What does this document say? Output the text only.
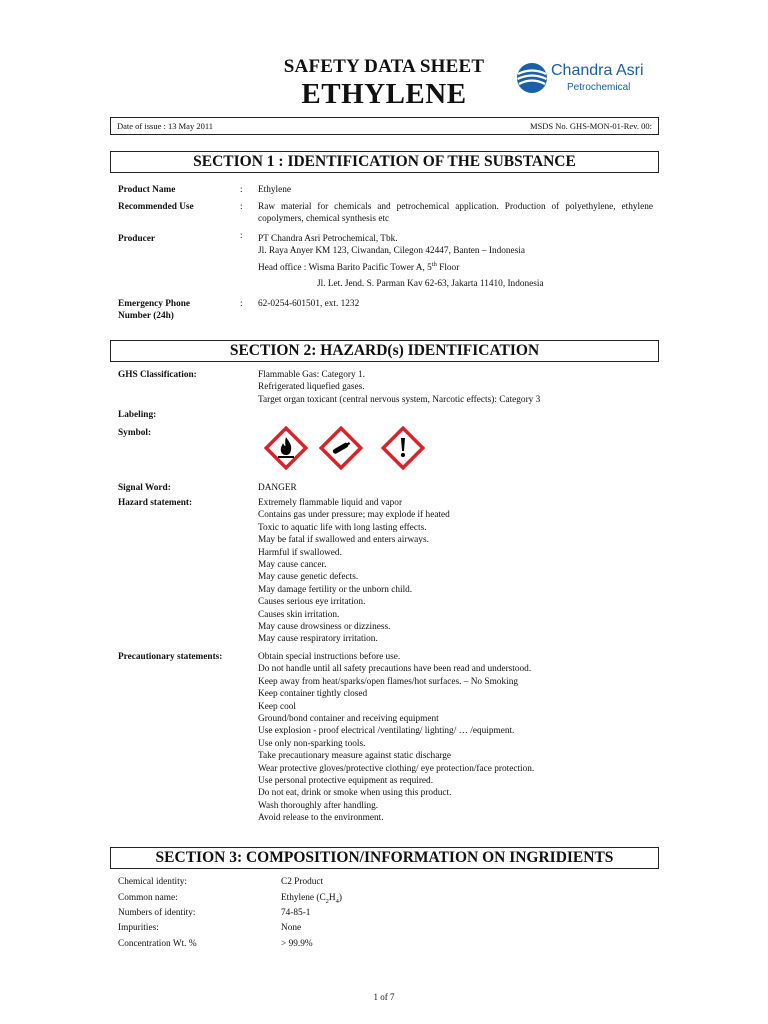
SAFETY DATA SHEET
ETHYLENE
Chandra Asri
Petrochemical
Date of issue : 13 May 2011	MSDS No. GHS-MON-01-Rev. 00:
SECTION 1 : IDENTIFICATION OF THE SUBSTANCE
Product Name	: Ethylene
Recommended Use	: Raw material for chemicals and petrochemical application. Production of polyethylene, ethylene copolymers, chemical synthesis etc
Producer	: PT Chandra Asri Petrochemical, Tbk.
Jl. Raya Anyer KM 123, Ciwandan, Cilegon 42447, Banten – Indonesia
Head office : Wisma Barito Pacific Tower A, 5th Floor
Jl. Let. Jend. S. Parman Kav 62-63, Jakarta 11410, Indonesia
Emergency Phone
Number (24h)
: 62-0254-601501, ext. 1232
SECTION 2: HAZARD(s) IDENTIFICATION
GHS Classification:	Flammable Gas: Category 1.
Refrigerated liquefied gases.
Target organ toxicant (central nervous system, Narcotic effects): Category 3
Labeling:
Symbol:
Signal Word:	DANGER
Hazard statement:	Extremely flammable liquid and vapor
Contains gas under pressure; may explode if heated
Toxic to aquatic life with long lasting effects.
May be fatal if swallowed and enters airways.
Harmful if swallowed.
May cause cancer.
May cause genetic defects.
May damage fertility or the unborn child.
Causes serious eye irritation.
Causes skin irritation.
May cause drowsiness or dizziness.
May cause respiratory irritation.
Precautionary statements:	Obtain special instructions before use.
Do not handle until all safety precautions have been read and understood.
Keep away from heat/sparks/open flames/hot surfaces. – No Smoking
Keep container tightly closed
Keep cool
Ground/bond container and receiving equipment
Use explosion - proof electrical /ventilating/ lighting/ … /equipment.
Use only non-sparking tools.
Take precautionary measure against static discharge
Wear protective gloves/protective clothing/ eye protection/face protection.
Use personal protective equipment as required.
Do not eat, drink or smoke when using this product.
Wash thoroughly after handling.
Avoid release to the environment.
SECTION 3: COMPOSITION/INFORMATION ON INGRIDIENTS
Chemical identity:	C2 Product
Common name:	Ethylene $(C_2H_4)$
Numbers of identity:	74-85-1
Impurities:	None
Concentration Wt. %	> 99.9%
1 of 7
